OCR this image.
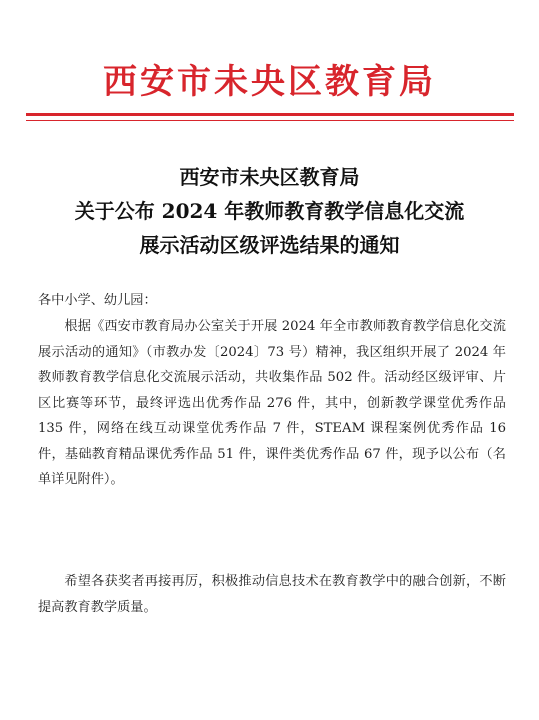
西安市未央区教育局
西安市未央区教育局
关于公布 2024 年教师教育教学信息化交流
展示活动区级评选结果的通知
各中小学、幼儿园：
根据《西安市教育局办公室关于开展 2024 年全市教师教育教学信息化交流展示活动的通知》（市教办发〔2024〕73 号）精神，我区组织开展了 2024 年教师教育教学信息化交流展示活动，共收集作品 502 件。活动经区级评审、片区比赛等环节，最终评选出优秀作品 276 件，其中，创新教学课堂优秀作品 135 件，网络在线互动课堂优秀作品 7 件，STEAM 课程案例优秀作品 16 件，基础教育精品课优秀作品 51 件，课件类优秀作品 67 件，现予以公布（名单详见附件）。
希望各获奖者再接再厉，积极推动信息技术在教育教学中的融合创新，不断提高教育教学质量。
